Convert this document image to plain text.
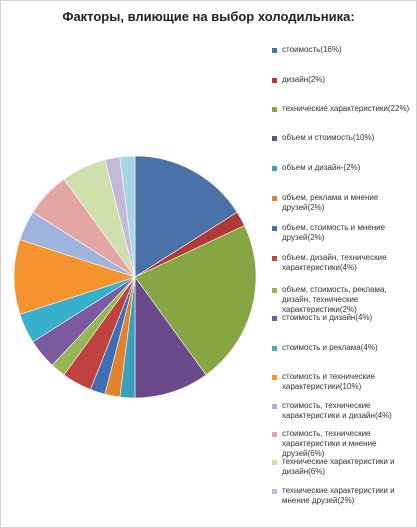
Факторы, влиющие на выбор холодильника:
стоимость(16%)
дизайн(2%)
технические характеристики(22%)
объем и стоимость(10%)
объем и дизайн-(2%)
объем, реклама и мнение друзей(2%)
объем, стоимость и мнение друзей(2%)
объем, дизайн, технические характеристики(4%)
объем, стоимость, реклама, дизайн, технические характеристики(2%)
стоимость и дизайн(4%)
стоимость и реклама(4%)
стоимость и технические характеристики(10%)
стоимость, технические характеристики и дизайн(4%)
стоимость, технические характеристики и мнение друзей(6%)
технические характеристики и дизайн(6%)
технические характеристики и мнение друзей(2%)
